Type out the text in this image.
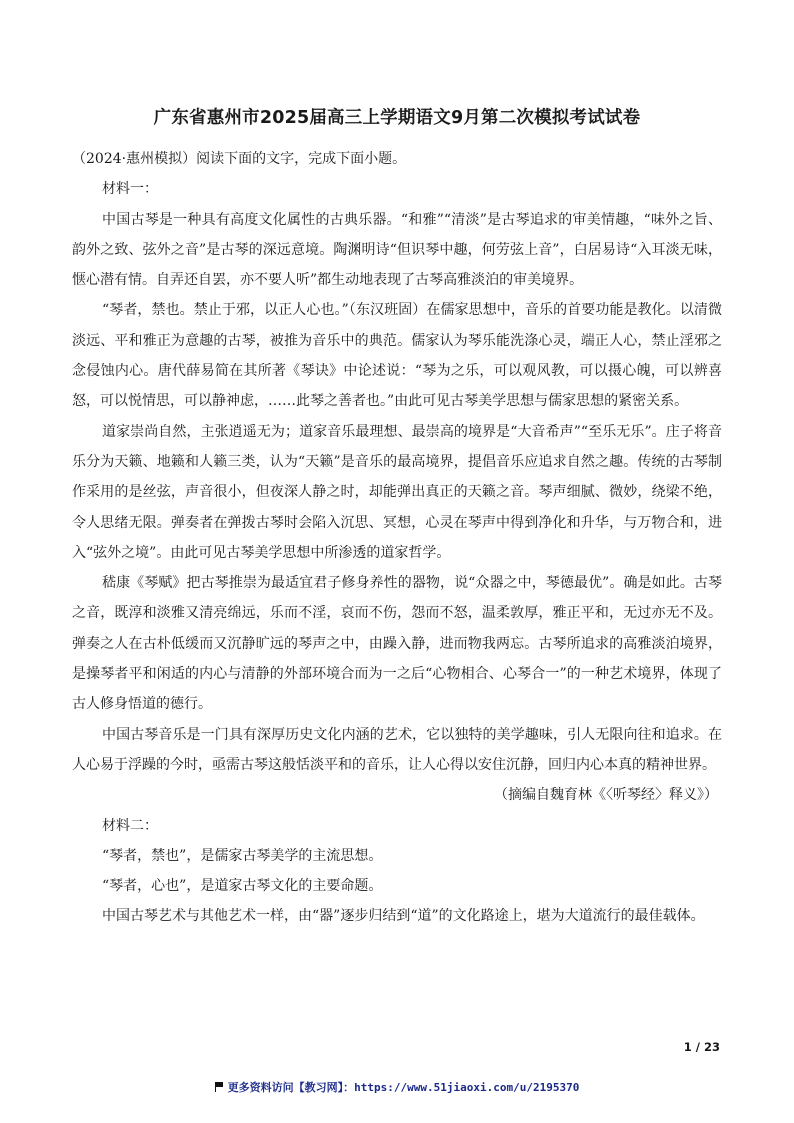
广东省惠州市2025届高三上学期语文9月第二次模拟考试试卷

（2024·惠州模拟）阅读下面的文字，完成下面小题。

材料一：

中国古琴是一种具有高度文化属性的古典乐器。“和雅”“清淡”是古琴追求的审美情趣，“味外之旨、韵外之致、弦外之音”是古琴的深远意境。陶渊明诗“但识琴中趣，何劳弦上音”，白居易诗“入耳淡无味，惬心潜有情。自弄还自罢，亦不要人听”都生动地表现了古琴高雅淡泊的审美境界。

“琴者，禁也。禁止于邪，以正人心也。”（东汉班固）在儒家思想中，音乐的首要功能是教化。以清微淡远、平和雅正为意趣的古琴，被推为音乐中的典范。儒家认为琴乐能洗涤心灵，端正人心，禁止淫邪之念侵蚀内心。唐代薛易简在其所著《琴诀》中论述说：“琴为之乐，可以观风教，可以摄心魄，可以辨喜怒，可以悦情思，可以静神虑，……此琴之善者也。”由此可见古琴美学思想与儒家思想的紧密关系。

道家崇尚自然，主张逍遥无为；道家音乐最理想、最崇高的境界是“大音希声”“至乐无乐”。庄子将音乐分为天籁、地籁和人籁三类，认为“天籁”是音乐的最高境界，提倡音乐应追求自然之趣。传统的古琴制作采用的是丝弦，声音很小，但夜深人静之时，却能弹出真正的天籁之音。琴声细腻、微妙，绕梁不绝，令人思绪无限。弹奏者在弹拨古琴时会陷入沉思、冥想，心灵在琴声中得到净化和升华，与万物合和，进入“弦外之境”。由此可见古琴美学思想中所渗透的道家哲学。

嵇康《琴赋》把古琴推崇为最适宜君子修身养性的器物，说“众器之中，琴德最优”。确是如此。古琴之音，既淳和淡雅又清亮绵远，乐而不淫，哀而不伤，怨而不怒，温柔敦厚，雅正平和，无过亦无不及。弹奏之人在古朴低缓而又沉静旷远的琴声之中，由躁入静，进而物我两忘。古琴所追求的高雅淡泊境界，是操琴者平和闲适的内心与清静的外部环境合而为一之后“心物相合、心琴合一”的一种艺术境界，体现了古人修身悟道的德行。

中国古琴音乐是一门具有深厚历史文化内涵的艺术，它以独特的美学趣味，引人无限向往和追求。在人心易于浮躁的今时，亟需古琴这般恬淡平和的音乐，让人心得以安住沉静，回归内心本真的精神世界。

（摘编自魏育林《〈听琴经〉释义》）

材料二：

“琴者，禁也”，是儒家古琴美学的主流思想。

“琴者，心也”，是道家古琴文化的主要命题。

中国古琴艺术与其他艺术一样，由“器”逐步归结到“道”的文化路途上，堪为大道流行的最佳载体。

1 / 23
更多资料访问【教习网】：https://www.51jiaoxi.com/u/2195370
